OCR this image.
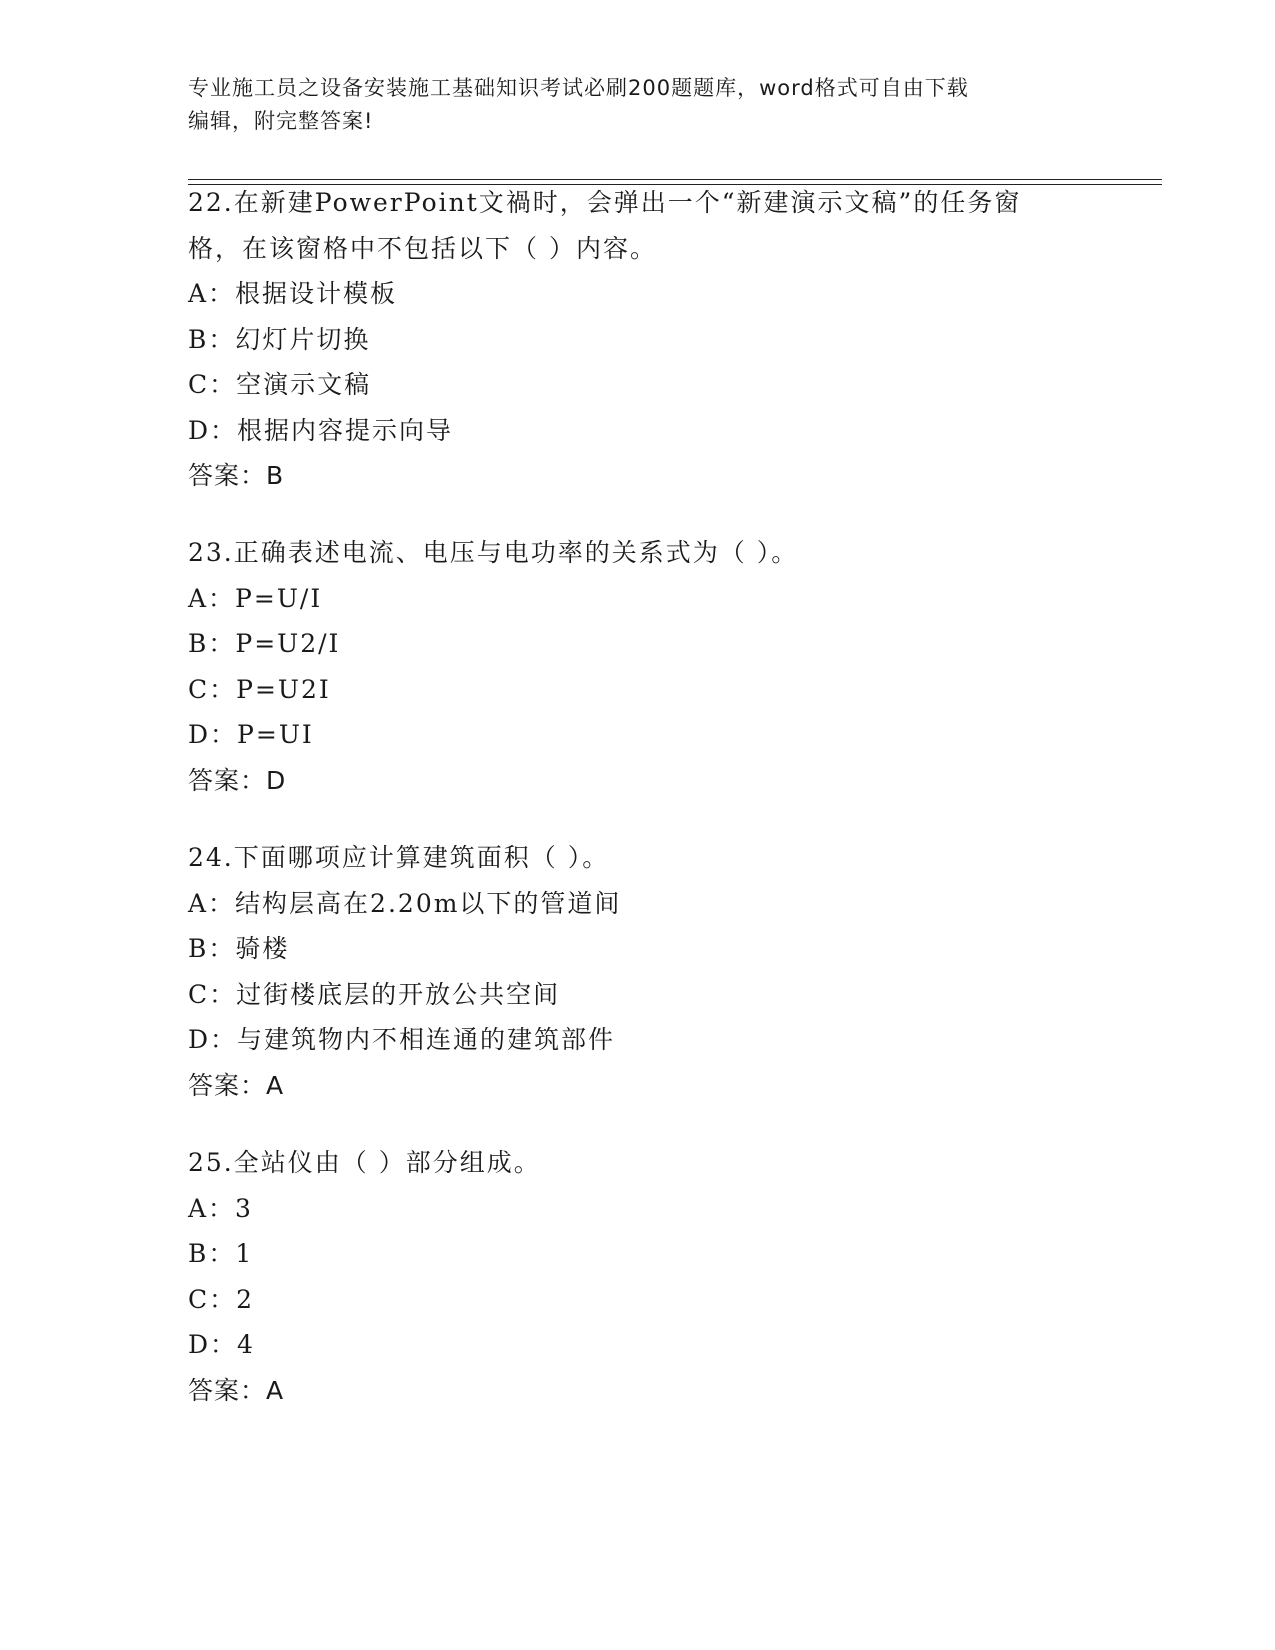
专业施工员之设备安装施工基础知识考试必刷200题题库，word格式可自由下载
编辑，附完整答案!
22.在新建PowerPoint文禍时，会弹出一个“新建演示文稿”的任务窗格，在该窗格中不包括以下（ ）内容。
A：根据设计模板
B：幻灯片切换
C：空演示文稿
D：根据内容提示向导
答案：B
23.正确表述电流、电压与电功率的关系式为（ ）。
A：P=U/I
B：P=U2/I
C：P=U2I
D：P=UI
答案：D
24.下面哪项应计算建筑面积（ ）。
A：结构层高在2.20m以下的管道间
B：骑楼
C：过街楼底层的开放公共空间
D：与建筑物内不相连通的建筑部件
答案：A
25.全站仪由（ ）部分组成。
A：3
B：1
C：2
D：4
答案：A
